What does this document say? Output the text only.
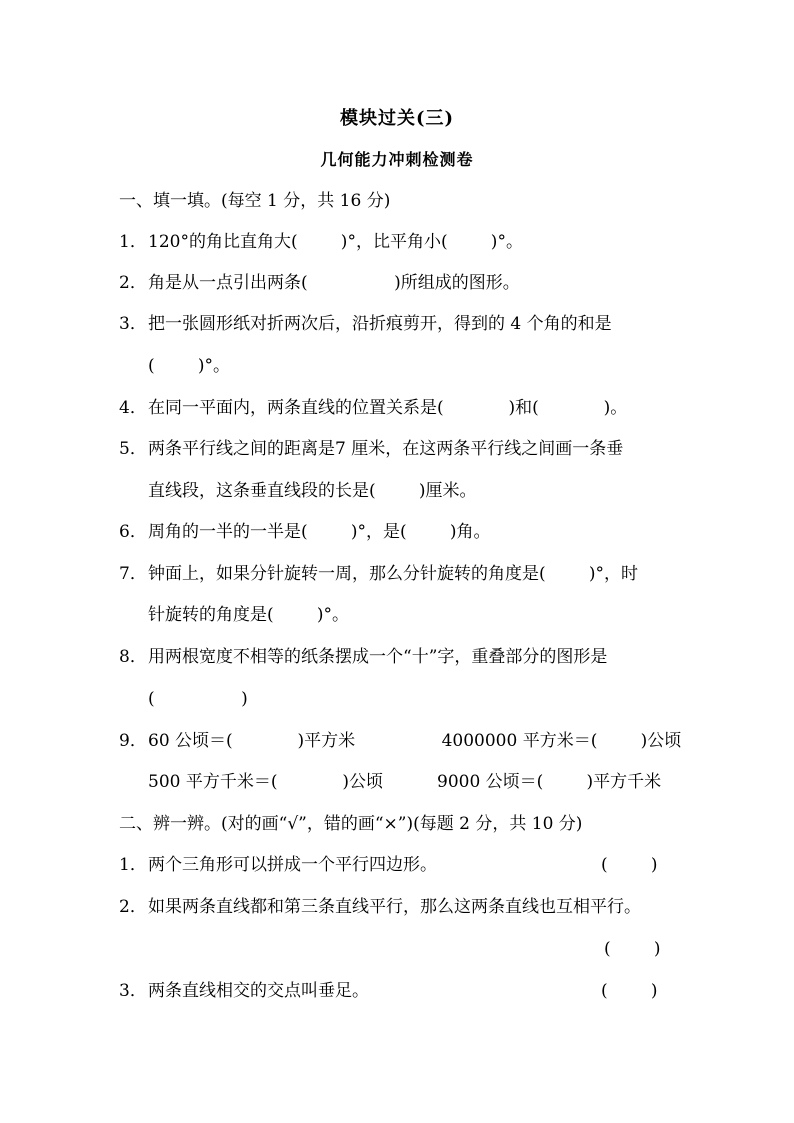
模块过关(三)
几何能力冲刺检测卷
一、填一填。(每空 1 分，共 16 分)
1．120°的角比直角大(        )°，比平角小(        )°。
2．角是从一点引出两条(                )所组成的图形。
3．把一张圆形纸对折两次后，沿折痕剪开，得到的 4 个角的和是
(        )°。
4．在同一平面内，两条直线的位置关系是(            )和(            )。
5．两条平行线之间的距离是7 厘米，在这两条平行线之间画一条垂
直线段，这条垂直线段的长是(        )厘米。
6．周角的一半的一半是(        )°，是(        )角。
7．钟面上，如果分针旋转一周，那么分针旋转的角度是(        )°，时
针旋转的角度是(        )°。
8．用两根宽度不相等的纸条摆成一个“十”字，重叠部分的图形是
(                )
9．60 公顷＝(            )平方米                4000000 平方米＝(        )公顷
500 平方千米＝(            )公顷          9000 公顷＝(        )平方千米
二、辨一辨。(对的画“√”，错的画“×”)(每题 2 分，共 10 分)
1．两个三角形可以拼成一个平行四边形。	(        )
2．如果两条直线都和第三条直线平行，那么这两条直线也互相平行。
(        )
3．两条直线相交的交点叫垂足。	(        )
